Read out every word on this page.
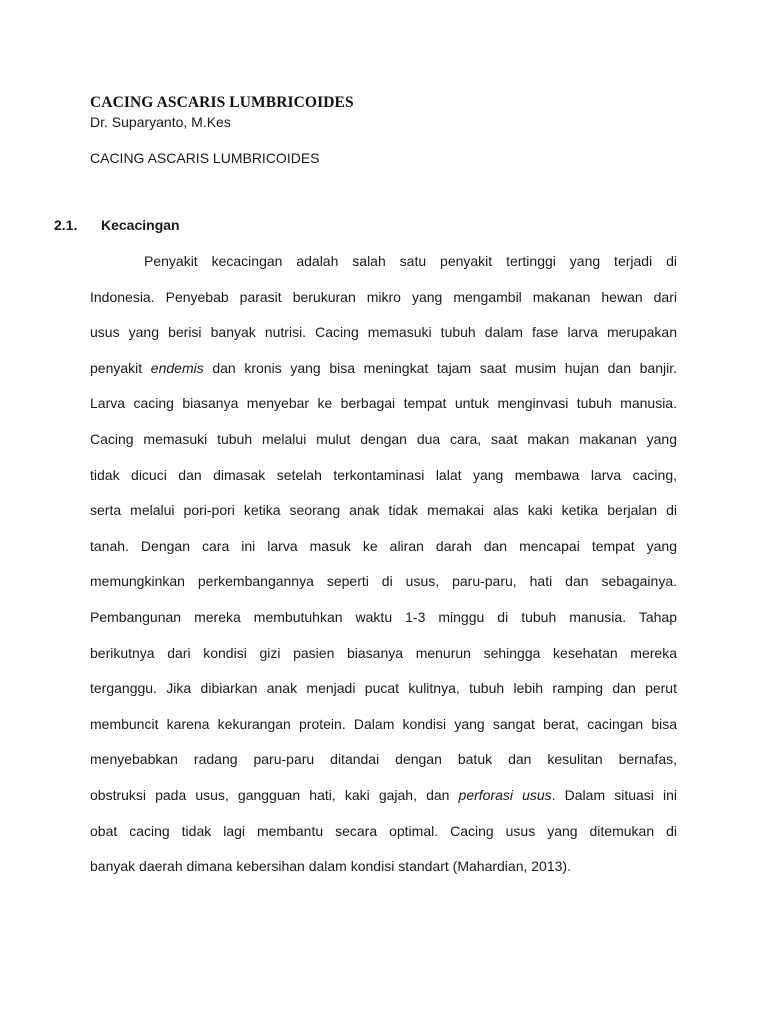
CACING ASCARIS LUMBRICOIDES
Dr. Suparyanto, M.Kes
CACING ASCARIS LUMBRICOIDES
2.1. Kecacingan
Penyakit kecacingan adalah salah satu penyakit tertinggi yang terjadi di
Indonesia. Penyebab parasit berukuran mikro yang mengambil makanan hewan dari
usus yang berisi banyak nutrisi. Cacing memasuki tubuh dalam fase larva merupakan
penyakit endemis dan kronis yang bisa meningkat tajam saat musim hujan dan banjir.
Larva cacing biasanya menyebar ke berbagai tempat untuk menginvasi tubuh manusia.
Cacing memasuki tubuh melalui mulut dengan dua cara, saat makan makanan yang
tidak dicuci dan dimasak setelah terkontaminasi lalat yang membawa larva cacing,
serta melalui pori-pori ketika seorang anak tidak memakai alas kaki ketika berjalan di
tanah. Dengan cara ini larva masuk ke aliran darah dan mencapai tempat yang
memungkinkan perkembangannya seperti di usus, paru-paru, hati dan sebagainya.
Pembangunan mereka membutuhkan waktu 1-3 minggu di tubuh manusia. Tahap
berikutnya dari kondisi gizi pasien biasanya menurun sehingga kesehatan mereka
terganggu. Jika dibiarkan anak menjadi pucat kulitnya, tubuh lebih ramping dan perut
membuncit karena kekurangan protein. Dalam kondisi yang sangat berat, cacingan bisa
menyebabkan radang paru-paru ditandai dengan batuk dan kesulitan bernafas,
obstruksi pada usus, gangguan hati, kaki gajah, dan perforasi usus. Dalam situasi ini
obat cacing tidak lagi membantu secara optimal. Cacing usus yang ditemukan di
banyak daerah dimana kebersihan dalam kondisi standart (Mahardian, 2013).
